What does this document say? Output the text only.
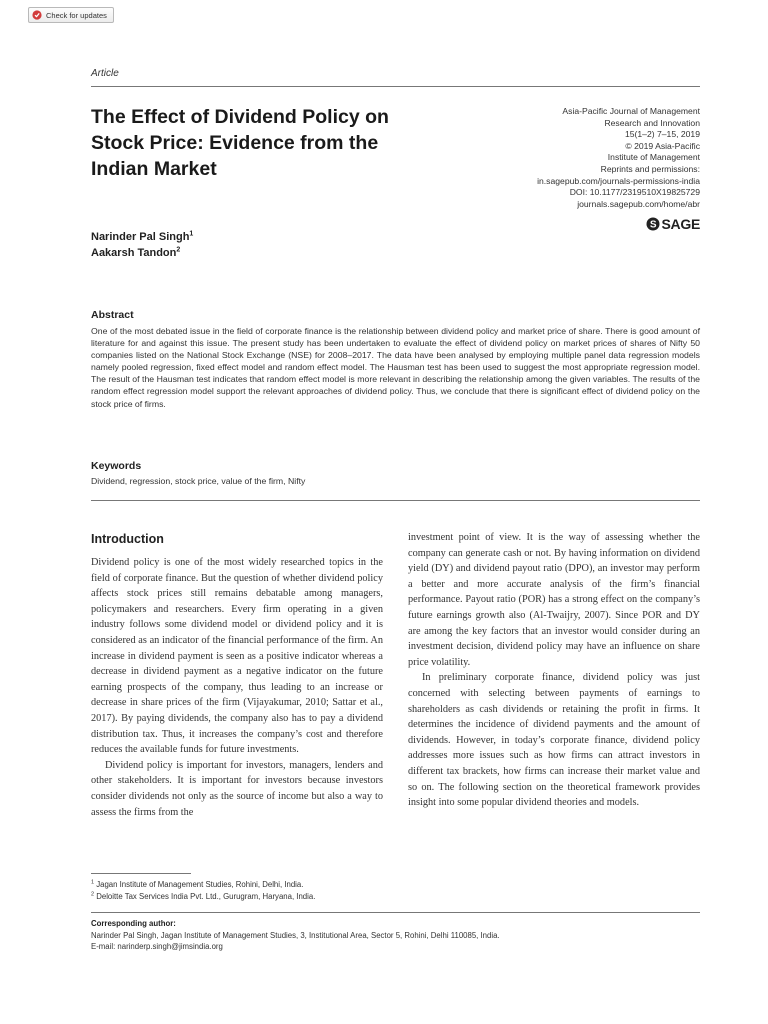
Check for updates
Article
The Effect of Dividend Policy on Stock Price: Evidence from the Indian Market
Asia-Pacific Journal of Management
Research and Innovation
15(1–2) 7–15, 2019
© 2019 Asia-Pacific
Institute of Management
Reprints and permissions:
in.sagepub.com/journals-permissions-india
DOI: 10.1177/2319510X19825729
journals.sagepub.com/home/abr
S SAGE
Narinder Pal Singh$^1$
Aakarsh Tandon$^2$
Abstract
One of the most debated issue in the field of corporate finance is the relationship between dividend policy and market price of share. There is good amount of literature for and against this issue. The present study has been undertaken to evaluate the effect of dividend policy on market prices of shares of Nifty 50 companies listed on the National Stock Exchange (NSE) for 2008–2017. The data have been analysed by employing multiple panel data regression models namely pooled regression, fixed effect model and random effect model. The Hausman test has been used to suggest the most appropriate regression model. The result of the Hausman test indicates that random effect model is more relevant in describing the relationship among the given variables. The results of the random effect regression model support the relevant approaches of dividend policy. Thus, we conclude that there is significant effect of dividend policy on the stock price of firms.
Keywords
Dividend, regression, stock price, value of the firm, Nifty
Introduction

Dividend policy is one of the most widely researched topics in the field of corporate finance. But the question of whether dividend policy affects stock prices still remains debatable among managers, policymakers and researchers. Every firm operating in a given industry follows some dividend model or dividend policy and it is considered as an indicator of the financial performance of the firm. An increase in dividend payment is seen as a positive indicator whereas a decrease in dividend payment as a negative indicator on the future earning prospects of the company, thus leading to an increase or decrease in share prices of the firm (Vijayakumar, 2010; Sattar et al., 2017). By paying dividends, the company also has to pay a dividend distribution tax. Thus, it increases the company’s cost and therefore reduces the available funds for future investments.

Dividend policy is important for investors, managers, lenders and other stakeholders. It is important for investors because investors consider dividends not only as the source of income but also a way to assess the firms from the

investment point of view. It is the way of assessing whether the company can generate cash or not. By having information on dividend yield (DY) and dividend payout ratio (DPO), an investor may perform a better and more accurate analysis of the firm’s financial performance. Payout ratio (POR) has a strong effect on the company’s future earnings growth also (Al-Twaijry, 2007). Since POR and DY are among the key factors that an investor would consider during an investment decision, dividend policy may have an influence on share price volatility.

In preliminary corporate finance, dividend policy was just concerned with selecting between payments of earnings to shareholders as cash dividends or retaining the profit in firms. It determines the incidence of dividend payments and the amount of dividends. However, in today’s corporate finance, dividend policy addresses more issues such as how firms can attract investors in different tax brackets, how firms can increase their market value and so on. The following section on the theoretical framework provides insight into some popular dividend theories and models.

$^1$ Jagan Institute of Management Studies, Rohini, Delhi, India.
$^2$ Deloitte Tax Services India Pvt. Ltd., Gurugram, Haryana, India.
Corresponding author:
Narinder Pal Singh, Jagan Institute of Management Studies, 3, Institutional Area, Sector 5, Rohini, Delhi 110085, India.
E-mail: narinderp.singh@jimsindia.org
